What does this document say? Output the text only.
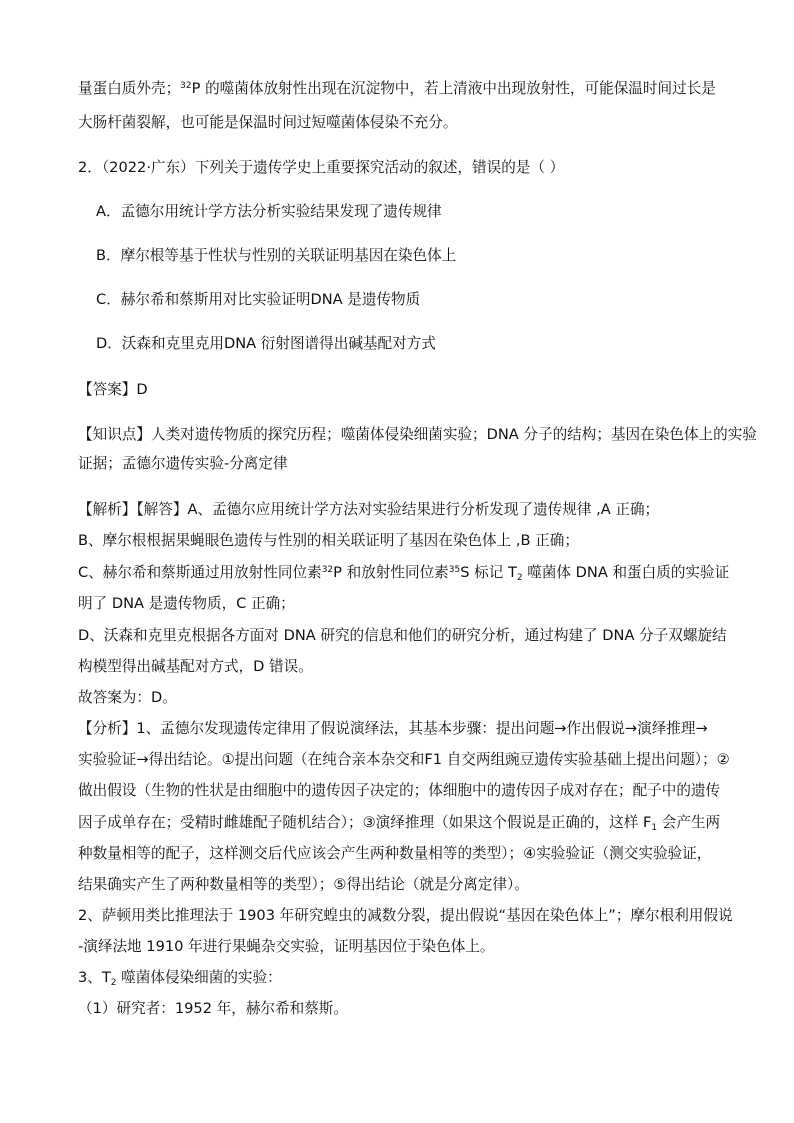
量蛋白质外壳；$^{32}$P 的噬菌体放射性出现在沉淀物中，若上清液中出现放射性，可能保温时间过长是
大肠杆菌裂解，也可能是保温时间过短噬菌体侵染不充分。
2．（2022·广东）下列关于遗传学史上重要探究活动的叙述，错误的是（ ）
A．孟德尔用统计学方法分析实验结果发现了遗传规律
B．摩尔根等基于性状与性别的关联证明基因在染色体上
C．赫尔希和蔡斯用对比实验证明DNA 是遗传物质
D．沃森和克里克用DNA 衍射图谱得出碱基配对方式
【答案】D
【知识点】人类对遗传物质的探究历程；噬菌体侵染细菌实验；DNA 分子的结构；基因在染色体上的实验
证据；孟德尔遗传实验-分离定律
【解析】【解答】A、孟德尔应用统计学方法对实验结果进行分析发现了遗传规律 ,A 正确；
B、摩尔根根据果蝇眼色遗传与性别的相关联证明了基因在染色体上 ,B 正确；
C、赫尔希和蔡斯通过用放射性同位素$^{32}$P 和放射性同位素$^{35}$S 标记 $T_2$ 噬菌体 DNA 和蛋白质的实验证
明了 DNA 是遗传物质，C 正确；
D、沃森和克里克根据各方面对 DNA 研究的信息和他们的研究分析，通过构建了 DNA 分子双螺旋结
构模型得出碱基配对方式，D 错误。
故答案为：D。
【分析】1、孟德尔发现遗传定律用了假说演绎法，其基本步骤：提出问题→作出假说→演绎推理→
实验验证→得出结论。①提出问题（在纯合亲本杂交和F1 自交两组豌豆遗传实验基础上提出问题）；②
做出假设（生物的性状是由细胞中的遗传因子决定的；体细胞中的遗传因子成对存在；配子中的遗传
因子成单存在；受精时雌雄配子随机结合）；③演绎推理（如果这个假说是正确的，这样 $F_1$ 会产生两
种数量相等的配子，这样测交后代应该会产生两种数量相等的类型）；④实验验证（测交实验验证，
结果确实产生了两种数量相等的类型）；⑤得出结论（就是分离定律）。
2、萨顿用类比推理法于 1903 年研究蝗虫的减数分裂，提出假说“基因在染色体上”；摩尔根利用假说
-演绎法地 1910 年进行果蝇杂交实验，证明基因位于染色体上。
3、$T_2$ 噬菌体侵染细菌的实验：
（1）研究者：1952 年，赫尔希和蔡斯。
